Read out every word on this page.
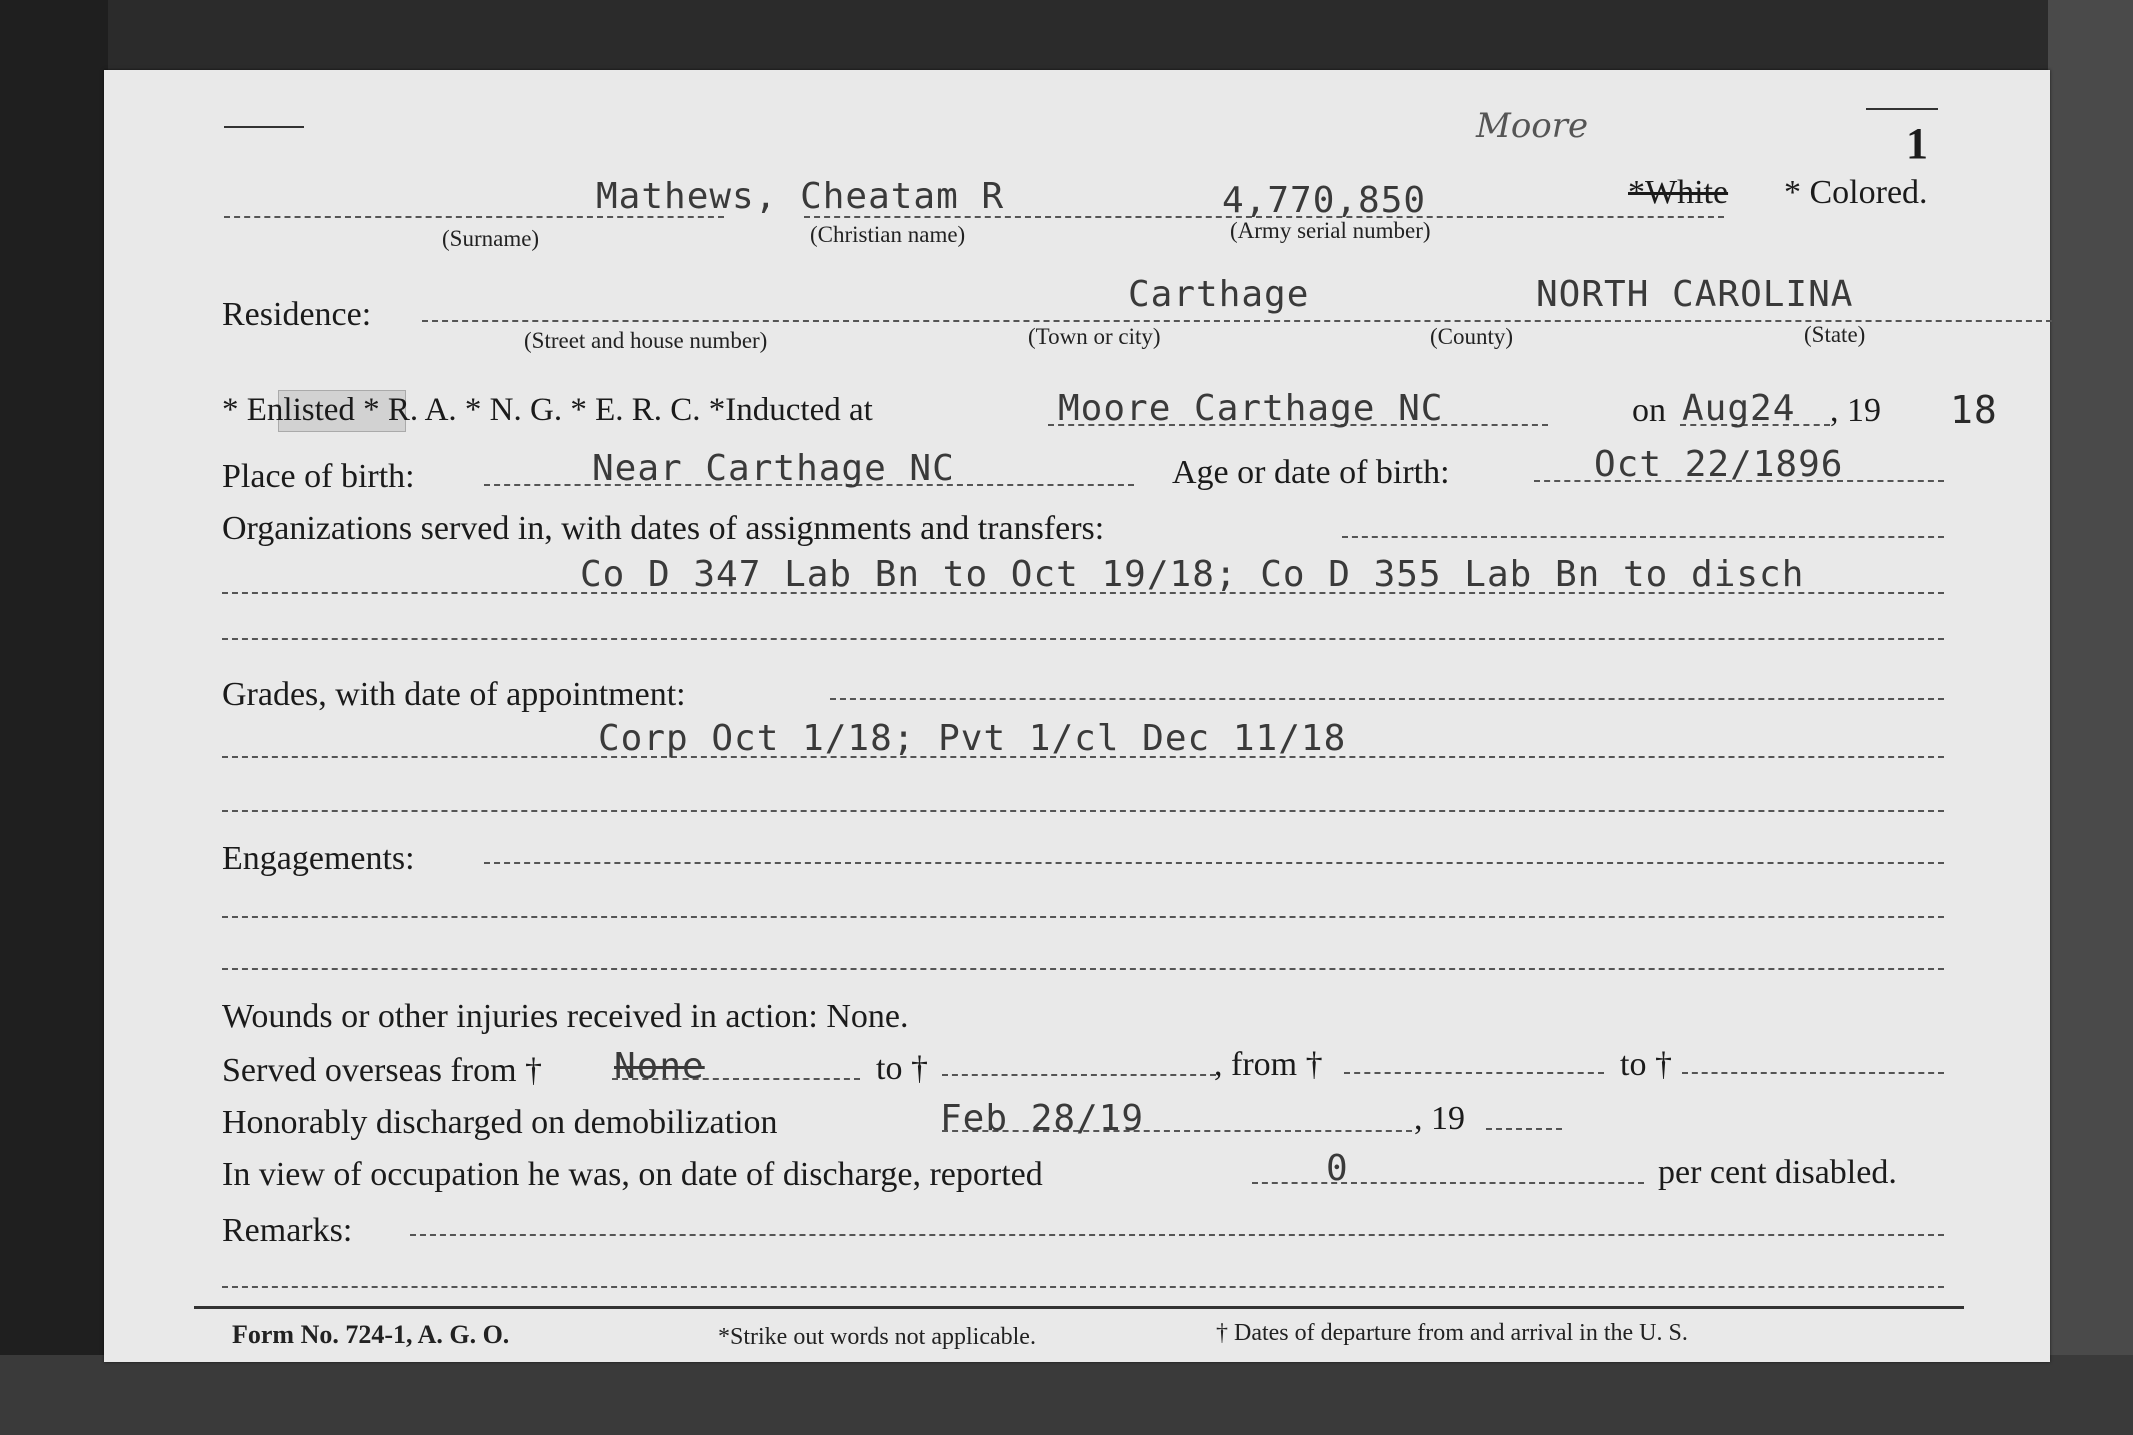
Moore	1
Mathews, Cheatam R	4,770,850	*White * Colored.
(Surname)	(Christian name)	(Army serial number)
Residence:	Carthage	NORTH CAROLINA
(Street and house number)	(Town or city)	(County)	(State)
* Enlisted * R. A. * N. G. * E. R. C. *Inducted at	Moore Carthage NC	on Aug24 , 19 18
Place of birth:	Near Carthage NC	Age or date of birth:	Oct 22/1896
Organizations served in, with dates of assignments and transfers:
Co D 347 Lab Bn to Oct 19/18; Co D 355 Lab Bn to disch
Grades, with date of appointment:
Corp Oct 1/18; Pvt 1/cl Dec 11/18
Engagements:
Wounds or other injuries received in action: None.
Served overseas from † None	to †	, from †	to †
Honorably discharged on demobilization	Feb 28/19	, 19
In view of occupation he was, on date of discharge, reported	0	per cent disabled.
Remarks:
Form No. 724-1, A. G. O.	*Strike out words not applicable.	† Dates of departure from and arrival in the U. S.
